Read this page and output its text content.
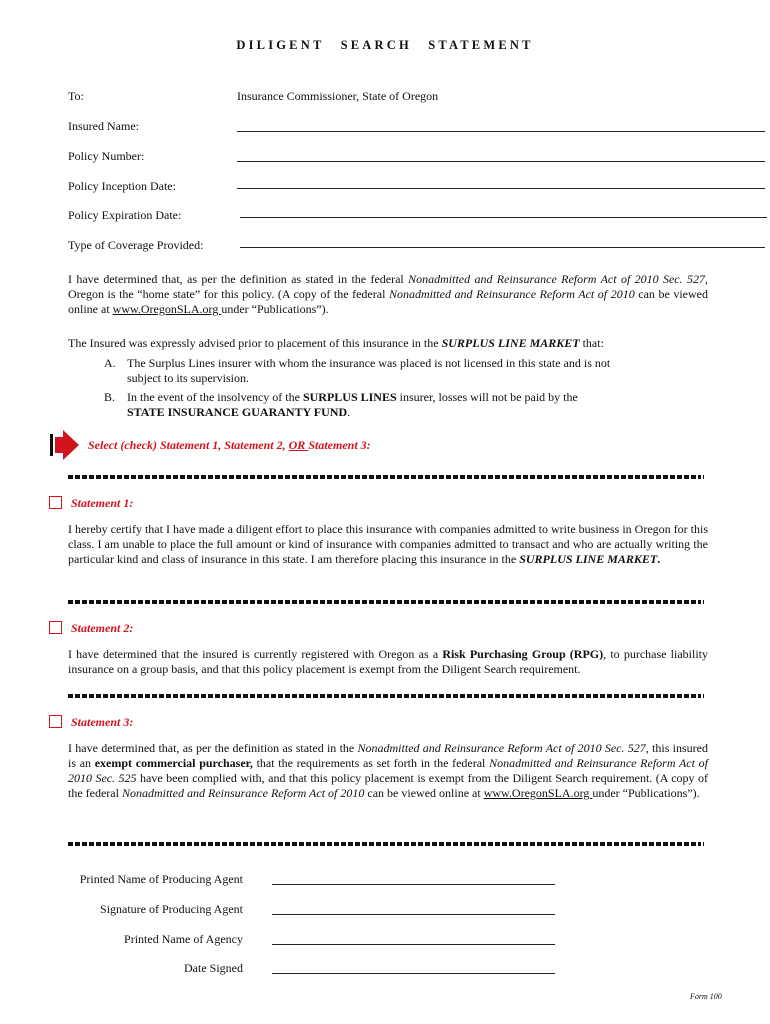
DILIGENT SEARCH STATEMENT
To:	Insurance Commissioner, State of Oregon
Insured Name:
Policy Number:
Policy Inception Date:
Policy Expiration Date:
Type of Coverage Provided:
I have determined that, as per the definition as stated in the federal Nonadmitted and Reinsurance Reform Act of 2010 Sec. 527, Oregon is the “home state” for this policy. (A copy of the federal Nonadmitted and Reinsurance Reform Act of 2010 can be viewed online at www.OregonSLA.org under “Publications”).
The Insured was expressly advised prior to placement of this insurance in the SURPLUS LINE MARKET that:
A. The Surplus Lines insurer with whom the insurance was placed is not licensed in this state and is not subject to its supervision.
B. In the event of the insolvency of the SURPLUS LINES insurer, losses will not be paid by the STATE INSURANCE GUARANTY FUND.
Select (check) Statement 1, Statement 2, OR Statement 3:
Statement 1:
I hereby certify that I have made a diligent effort to place this insurance with companies admitted to write business in Oregon for this class. I am unable to place the full amount or kind of insurance with companies admitted to transact and who are actually writing the particular kind and class of insurance in this state. I am therefore placing this insurance in the SURPLUS LINE MARKET.
Statement 2:
I have determined that the insured is currently registered with Oregon as a Risk Purchasing Group (RPG), to purchase liability insurance on a group basis, and that this policy placement is exempt from the Diligent Search requirement.
Statement 3:
I have determined that, as per the definition as stated in the Nonadmitted and Reinsurance Reform Act of 2010 Sec. 527, this insured is an exempt commercial purchaser, that the requirements as set forth in the federal Nonadmitted and Reinsurance Reform Act of 2010 Sec. 525 have been complied with, and that this policy placement is exempt from the Diligent Search requirement. (A copy of the federal Nonadmitted and Reinsurance Reform Act of 2010 can be viewed online at www.OregonSLA.org under “Publications”).
Printed Name of Producing Agent
Signature of Producing Agent
Printed Name of Agency
Date Signed
Form 100
